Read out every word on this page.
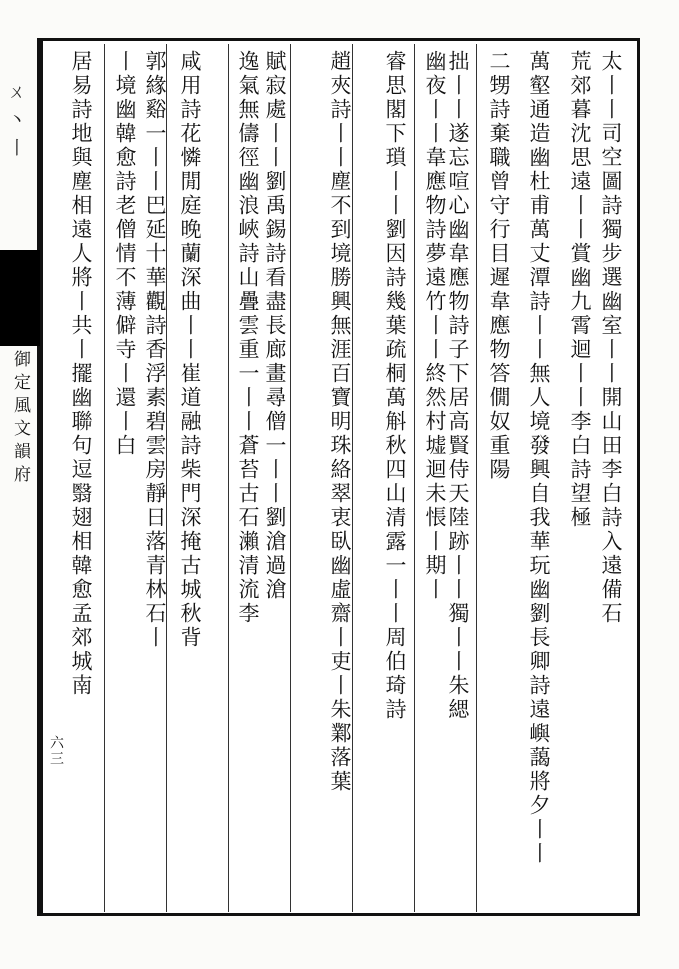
ㄨ丶丨
御定風文韻府	太丨丨司空圖詩獨步選幽室丨丨開山田李白詩入遠備石
荒郊暮沈思遠丨丨賞幽九霄迴丨丨李白詩望極
萬壑通造幽杜甫萬丈潭詩丨丨無人境發興自我華玩幽劉長卿詩遠嶼藹將夕丨丨
二甥詩棄職曾守行目遲韋應物答僩奴重陽
拙丨丨遂忘喧心幽韋應物詩子下居高賢侍天陸跡丨丨獨丨丨朱緦
幽夜丨丨韋應物詩夢遠竹丨丨終然村墟迴未悵丨期丨
睿思閣下瑣丨丨劉因詩幾葉疏桐萬斛秋四山清露一丨丨周伯琦詩
趙夾詩丨丨塵不到境勝興無涯百寶明珠絡翠衷臥幽虛齋丨吏丨朱鄴落葉
賦寂處丨丨劉禹錫詩看盡長廊畫尋僧一丨丨劉滄過滄
逸氣無儔徑幽浪峽詩山疊雲重一丨丨蒼苔古石瀨清流李
咸用詩花憐閒庭晚蘭深曲丨丨崔道融詩柴門深掩古城秋背
郭緣谿一丨丨巴延十華觀詩香浮素碧雲房靜日落青林石丨
丨境幽韓愈詩老僧情不薄僻寺丨還丨白
居易詩地與塵相遠人將丨共丨擺幽聯句逗翳翅相韓愈孟郊城南
六三
